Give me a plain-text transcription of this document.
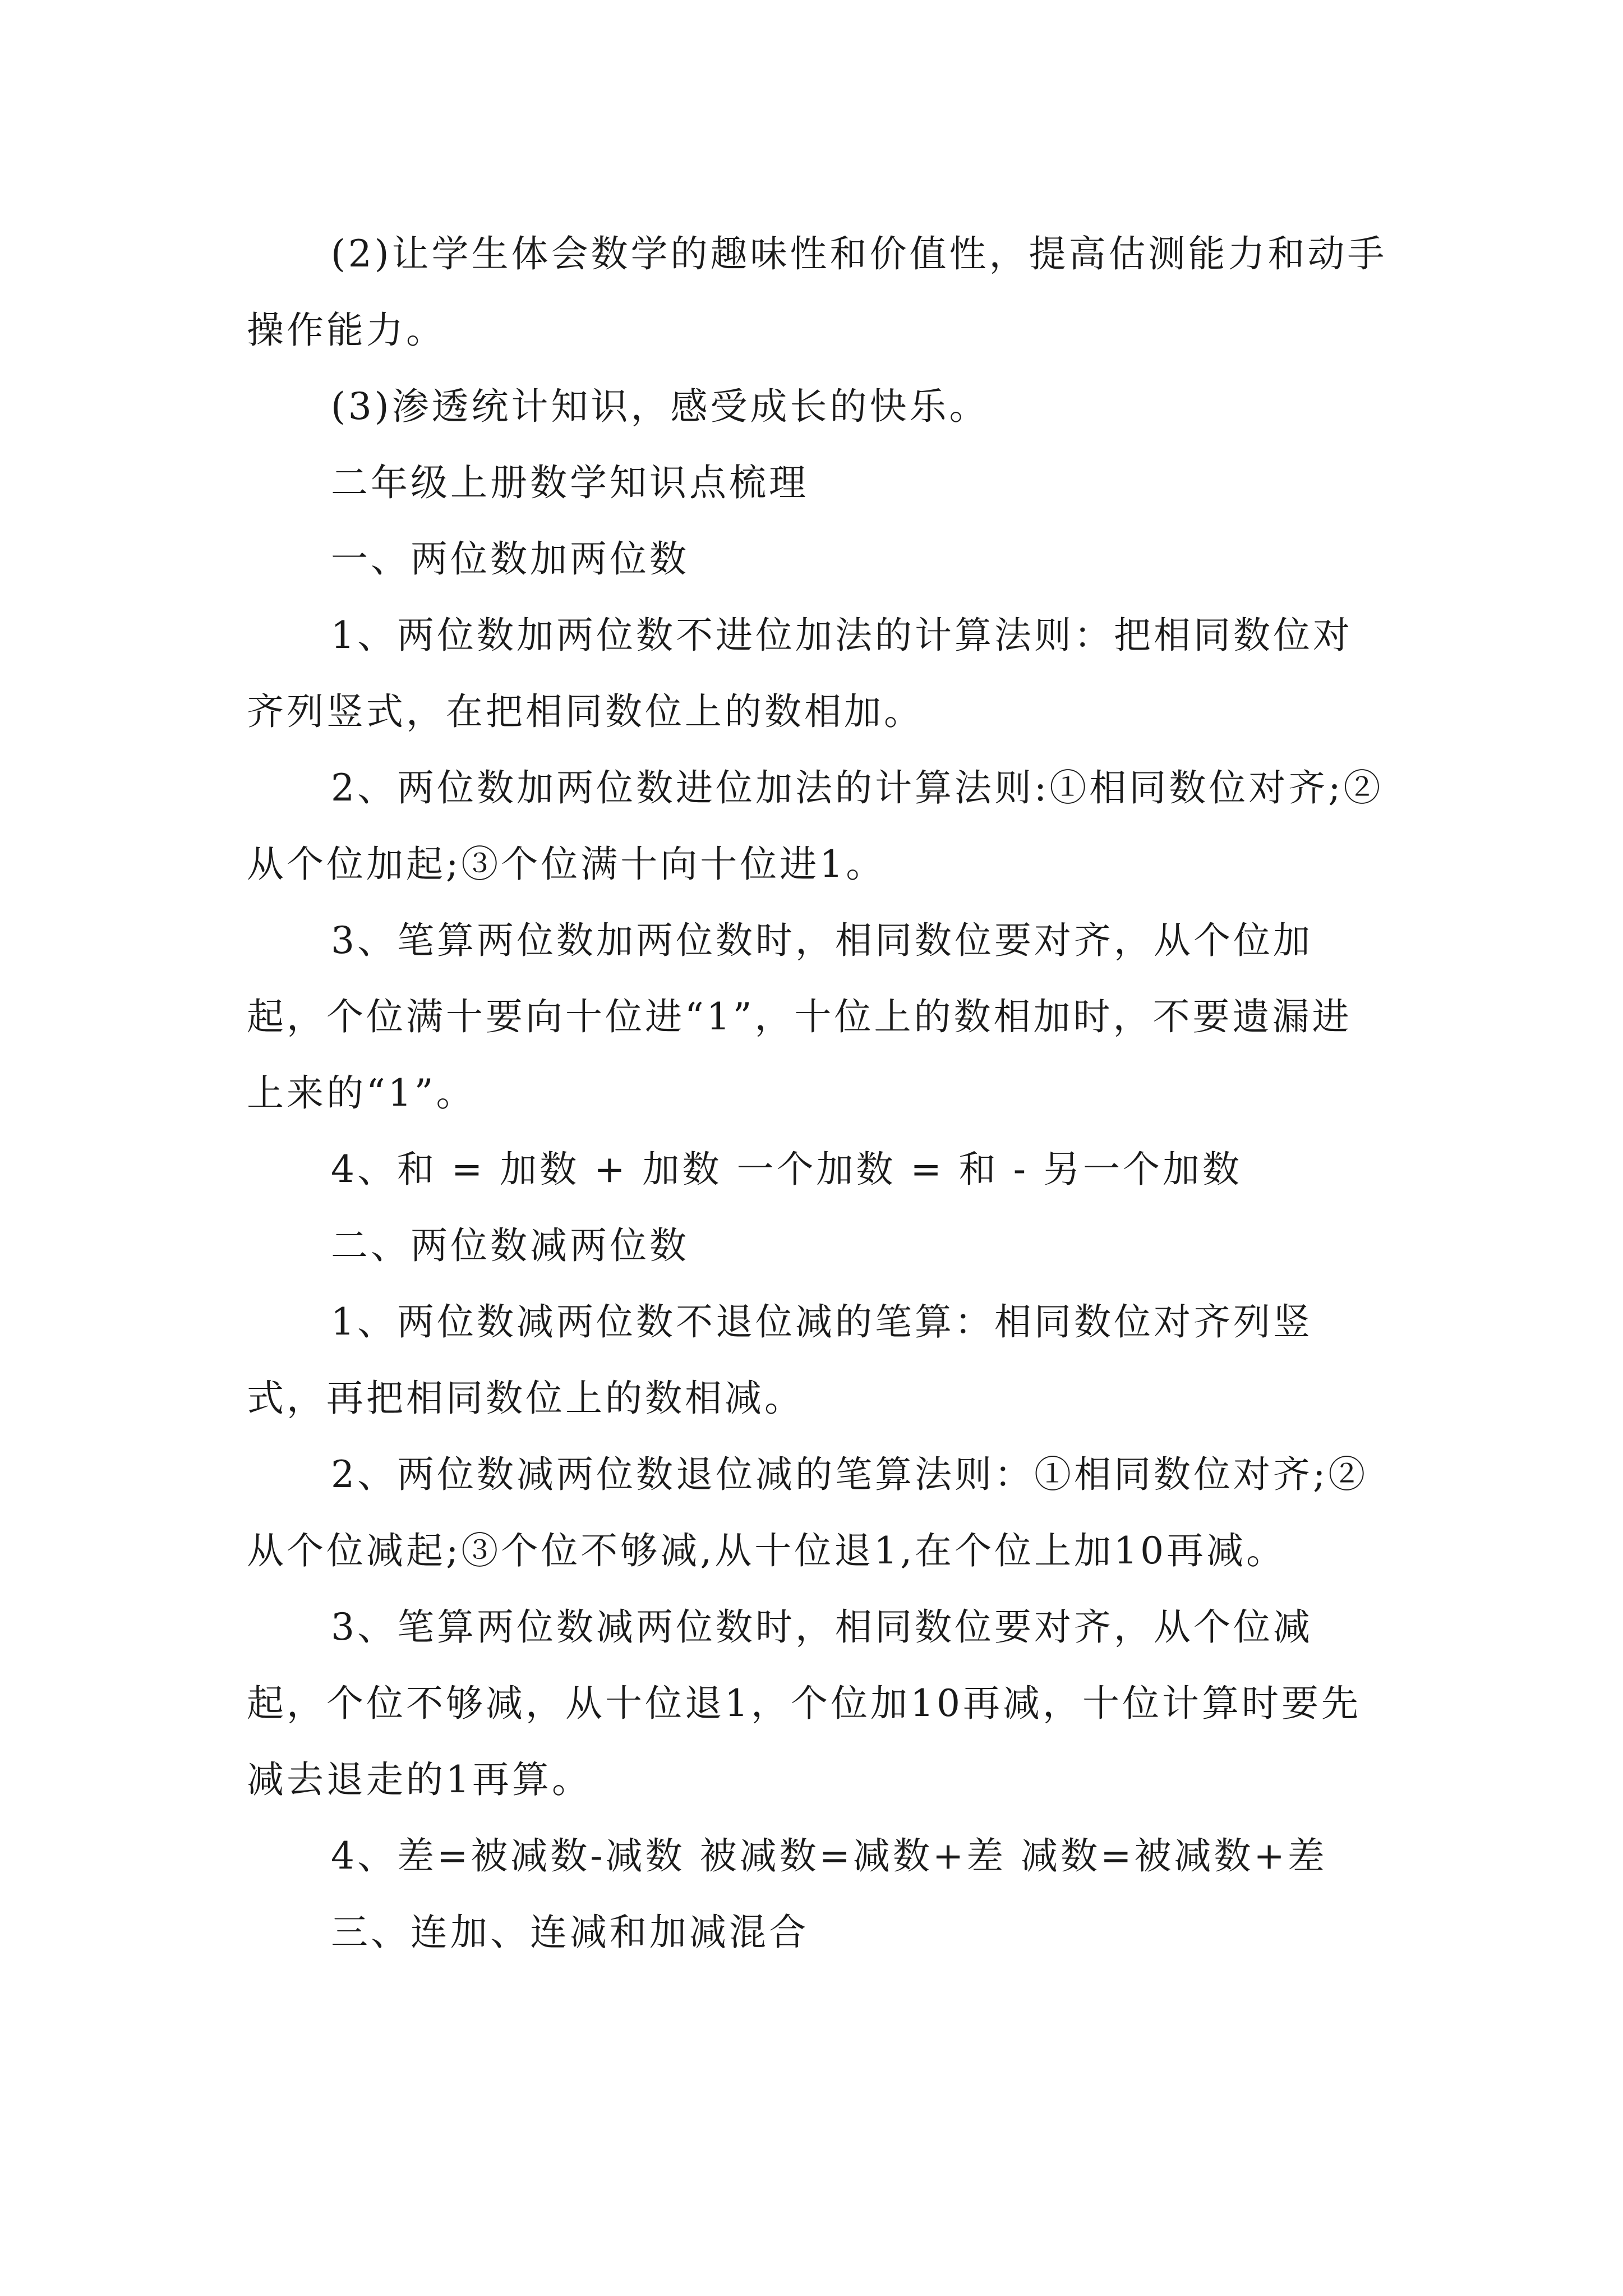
(2)让学生体会数学的趣味性和价值性，提高估测能力和动手操作能力。

(3)渗透统计知识，感受成长的快乐。

二年级上册数学知识点梳理

一、两位数加两位数

1、两位数加两位数不进位加法的计算法则：把相同数位对齐列竖式，在把相同数位上的数相加。

2、两位数加两位数进位加法的计算法则:①相同数位对齐;②从个位加起;③个位满十向十位进1。

3、笔算两位数加两位数时，相同数位要对齐，从个位加起，个位满十要向十位进“1”，十位上的数相加时，不要遗漏进上来的“1”。

4、和 = 加数 + 加数 一个加数 = 和 - 另一个加数

二、两位数减两位数

1、两位数减两位数不退位减的笔算：相同数位对齐列竖式，再把相同数位上的数相减。

2、两位数减两位数退位减的笔算法则：①相同数位对齐;②从个位减起;③个位不够减,从十位退1,在个位上加10再减。

3、笔算两位数减两位数时，相同数位要对齐，从个位减起，个位不够减，从十位退1，个位加10再减，十位计算时要先减去退走的1再算。

4、差=被减数-减数 被减数=减数+差 减数=被减数+差

三、连加、连减和加减混合
